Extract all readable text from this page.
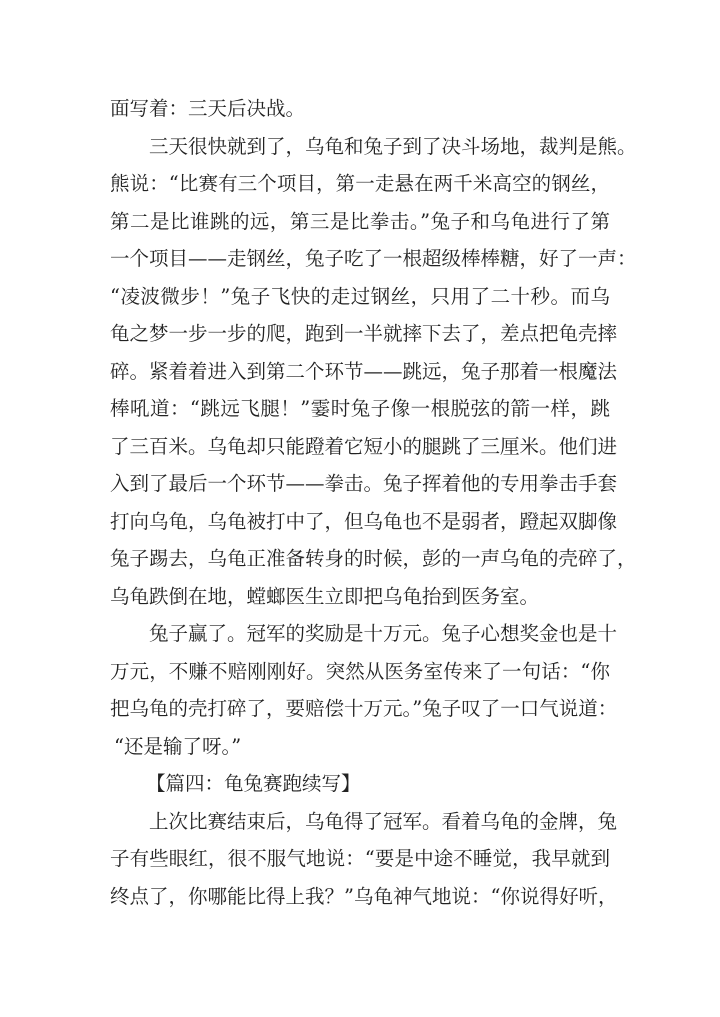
面写着：三天后决战。
三天很快就到了，乌龟和兔子到了决斗场地，裁判是熊。
熊说：“比赛有三个项目，第一走悬在两千米高空的钢丝，
第二是比谁跳的远，第三是比拳击。”兔子和乌龟进行了第
一个项目——走钢丝，兔子吃了一根超级棒棒糖，好了一声：
“凌波微步！”兔子飞快的走过钢丝，只用了二十秒。而乌
龟之梦一步一步的爬，跑到一半就摔下去了，差点把龟壳摔
碎。紧着着进入到第二个环节——跳远，兔子那着一根魔法
棒吼道：“跳远飞腿！”霎时兔子像一根脱弦的箭一样，跳
了三百米。乌龟却只能蹬着它短小的腿跳了三厘米。他们进
入到了最后一个环节——拳击。兔子挥着他的专用拳击手套
打向乌龟，乌龟被打中了，但乌龟也不是弱者，蹬起双脚像
兔子踢去，乌龟正准备转身的时候，彭的一声乌龟的壳碎了，
乌龟跌倒在地，螳螂医生立即把乌龟抬到医务室。
兔子赢了。冠军的奖励是十万元。兔子心想奖金也是十
万元，不赚不赔刚刚好。突然从医务室传来了一句话：“你
把乌龟的壳打碎了，要赔偿十万元。”兔子叹了一口气说道：
“还是输了呀。”
【篇四：龟兔赛跑续写】
上次比赛结束后，乌龟得了冠军。看着乌龟的金牌，兔
子有些眼红，很不服气地说：“要是中途不睡觉，我早就到
终点了，你哪能比得上我？”乌龟神气地说：“你说得好听，
